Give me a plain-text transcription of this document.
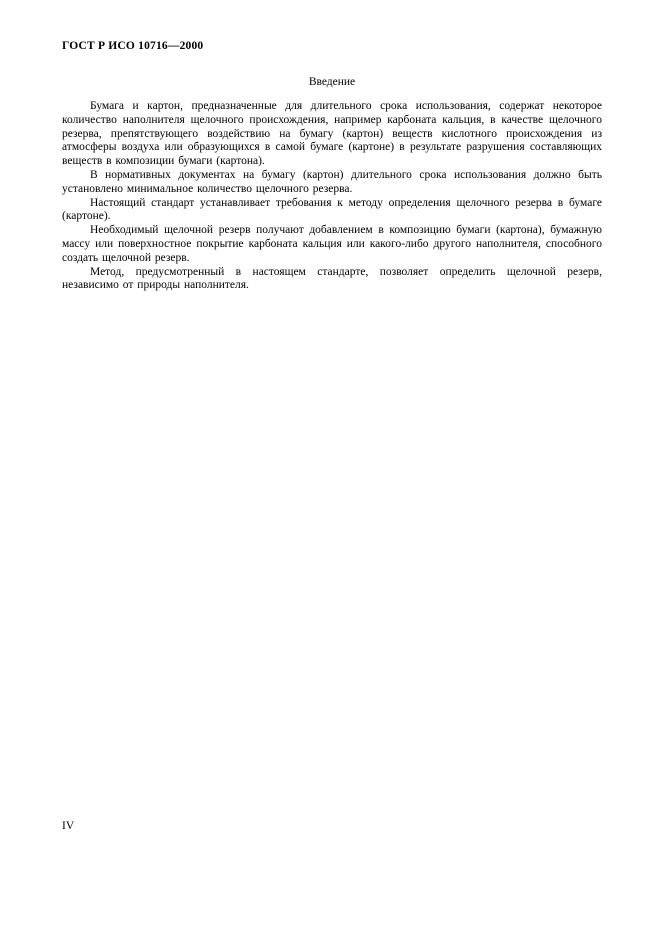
ГОСТ Р ИСО 10716—2000
Введение

Бумага и картон, предназначенные для длительного срока использования, содержат некоторое количество наполнителя щелочного происхождения, например карбоната кальция, в качестве щелочного резерва, препятствующего воздействию на бумагу (картон) веществ кислотного происхождения из атмосферы воздуха или образующихся в самой бумаге (картоне) в результате разрушения составляющих веществ в композиции бумаги (картона).

В нормативных документах на бумагу (картон) длительного срока использования должно быть установлено минимальное количество щелочного резерва.

Настоящий стандарт устанавливает требования к методу определения щелочного резерва в бумаге (картоне).

Необходимый щелочной резерв получают добавлением в композицию бумаги (картона), бумажную массу или поверхностное покрытие карбоната кальция или какого-либо другого наполнителя, способного создать щелочной резерв.

Метод, предусмотренный в настоящем стандарте, позволяет определить щелочной резерв, независимо от природы наполнителя.

IV
